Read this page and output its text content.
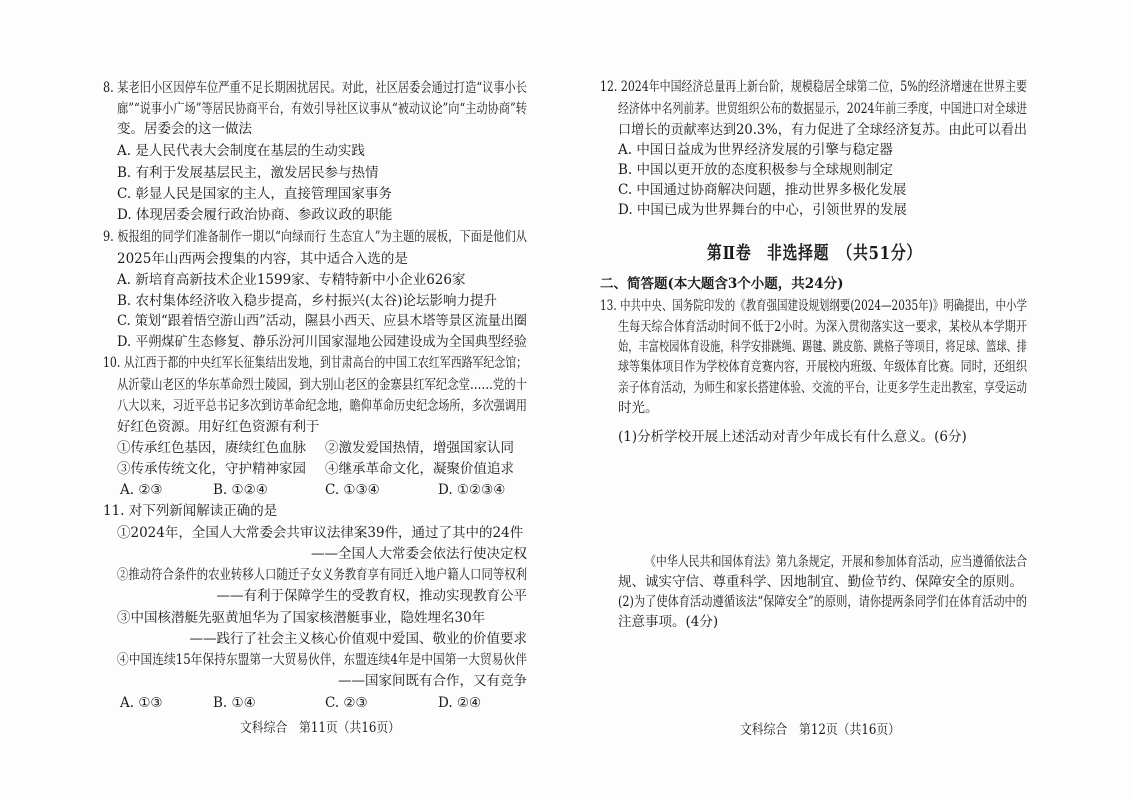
8. 某老旧小区因停车位严重不足长期困扰居民。对此，社区居委会通过打造“议事小长
廊”“说事小广场”等居民协商平台，有效引导社区议事从“被动议论”向“主动协商”转
变。居委会的这一做法
A. 是人民代表大会制度在基层的生动实践
B. 有利于发展基层民主，激发居民参与热情
C. 彰显人民是国家的主人，直接管理国家事务
D. 体现居委会履行政治协商、参政议政的职能
9. 板报组的同学们准备制作一期以“向绿而行 生态宜人”为主题的展板，下面是他们从
2025年山西两会搜集的内容，其中适合入选的是
A. 新培育高新技术企业1599家、专精特新中小企业626家
B. 农村集体经济收入稳步提高，乡村振兴(太谷)论坛影响力提升
C. 策划“跟着悟空游山西”活动，隰县小西天、应县木塔等景区流量出圈
D. 平朔煤矿生态修复、静乐汾河川国家湿地公园建设成为全国典型经验
10. 从江西于都的中央红军长征集结出发地，到甘肃高台的中国工农红军西路军纪念馆；
从沂蒙山老区的华东革命烈士陵园，到大别山老区的金寨县红军纪念堂……党的十
八大以来，习近平总书记多次到访革命纪念地，瞻仰革命历史纪念场所，多次强调用
好红色资源。用好红色资源有利于
①传承红色基因，赓续红色血脉	②激发爱国热情，增强国家认同
③传承传统文化，守护精神家园	④继承革命文化，凝聚价值追求
A. ②③	B. ①②④	C. ①③④	D. ①②③④
11. 对下列新闻解读正确的是
①2024年，全国人大常委会共审议法律案39件，通过了其中的24件
——全国人大常委会依法行使决定权
②推动符合条件的农业转移人口随迁子女义务教育享有同迁入地户籍人口同等权利
——有利于保障学生的受教育权，推动实现教育公平
③中国核潜艇先驱黄旭华为了国家核潜艇事业，隐姓埋名30年
——践行了社会主义核心价值观中爱国、敬业的价值要求
④中国连续15年保持东盟第一大贸易伙伴，东盟连续4年是中国第一大贸易伙伴
——国家间既有合作，又有竞争
A. ①③	B. ①④	C. ②③	D. ②④
文科综合　第11页（共16页）
12. 2024年中国经济总量再上新台阶，规模稳居全球第二位，5%的经济增速在世界主要
经济体中名列前茅。世贸组织公布的数据显示，2024年前三季度，中国进口对全球进
口增长的贡献率达到20.3%，有力促进了全球经济复苏。由此可以看出
A. 中国日益成为世界经济发展的引擎与稳定器
B. 中国以更开放的态度积极参与全球规则制定
C. 中国通过协商解决问题，推动世界多极化发展
D. 中国已成为世界舞台的中心，引领世界的发展
第Ⅱ卷　非选择题　（共51分）
二、简答题(本大题含3个小题，共24分)
13. 中共中央、国务院印发的《教育强国建设规划纲要(2024—2035年)》明确提出，中小学
生每天综合体育活动时间不低于2小时。为深入贯彻落实这一要求，某校从本学期开
始，丰富校园体育设施，科学安排跳绳、踢毽、跳皮筋、跳格子等项目，将足球、篮球、排
球等集体项目作为学校体育竞赛内容，开展校内班级、年级体育比赛。同时，还组织
亲子体育活动，为师生和家长搭建体验、交流的平台，让更多学生走出教室，享受运动
时光。
(1)分析学校开展上述活动对青少年成长有什么意义。(6分)
《中华人民共和国体育法》第九条规定，开展和参加体育活动，应当遵循依法合
规、诚实守信、尊重科学、因地制宜、勤俭节约、保障安全的原则。
(2)为了使体育活动遵循该法“保障安全”的原则，请你提两条同学们在体育活动中的
注意事项。(4分)
文科综合　第12页（共16页）
